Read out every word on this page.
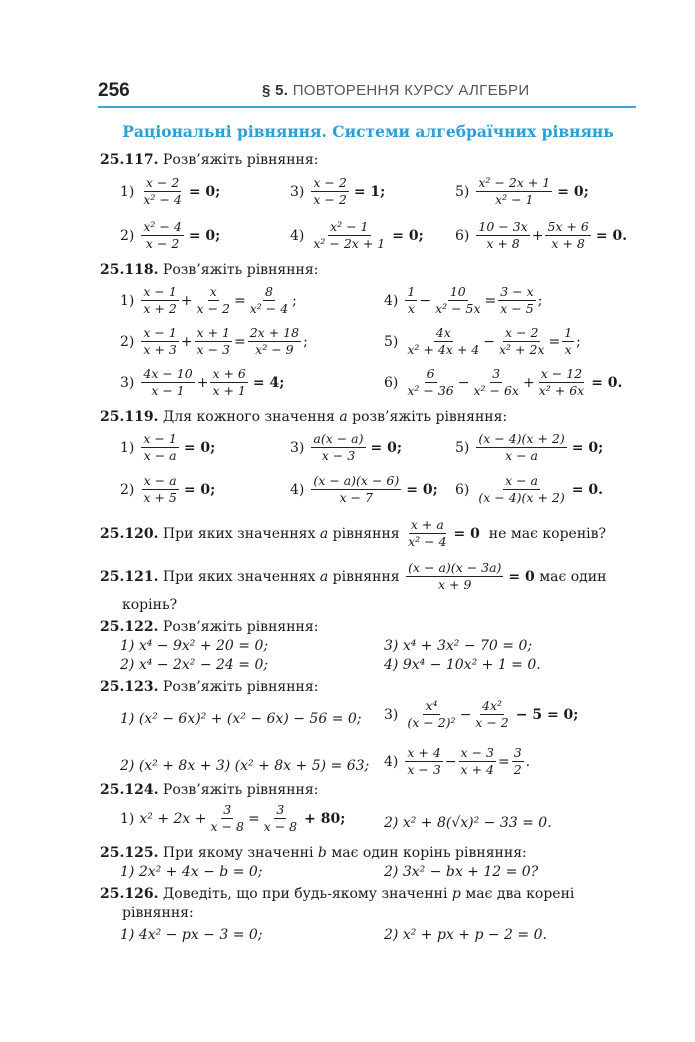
256	§ 5. ПОВТОРЕННЯ КУРСУ АЛГЕБРИ
Раціональні рівняння. Системи алгебраїчних рівнянь
25.117. Розв’яжіть рівняння:
$1) \frac{x - 2}{\text{x² − 4}} = 0$;	$3) \frac{x - 2}{x - 2} = 1$;	$5) \frac{\text{x² − 2x + 1}}{\text{x² − 1}} = 0$;
$2) \frac{\text{x² − 4}}{x - 2} = 0$;	$4) \frac{\text{x² − 1}}{\text{x² − 2x + 1}} = 0$; $6) \frac{10 - 3x}{x + 8} + \frac{5x + 6}{x + 8} = 0$.
25.118. Розв’яжіть рівняння:
$1) \frac{x - 1}{x + 2} + \frac{x}{x - 2} = \frac{8}{\text{x² − 4}}$ ;	$4) \frac{1}{x} - \frac{10}{\text{x² − 5x}} = \frac{3 - x}{x - 5}$ ;
$2) \frac{x - 1}{x + 3} + \frac{x + 1}{x - 3} = \frac{2x + 18}{\text{x² − 9}}$ ;	$5) \frac{4x}{\text{x² + 4x + 4}} - \frac{x - 2}{\text{x² + 2x}} = \frac{1}{x}$ ;
$3) \frac{4x - 10}{x - 1} + \frac{x + 6}{x + 1} = 4$;	$6) \frac{6}{\text{x² − 36}} - \frac{3}{\text{x² − 6x}} + \frac{x - 12}{\text{x² + 6x}} = 0$.
25.119. Для кожного значення a розв’яжіть рівняння:
$1) \frac{x - 1}{x - a} = 0$;	$3) \frac{a(x - a)}{x - 3} = 0$;	$5) \frac{(x - 4)(x + 2)}{x - a} = 0$;
$2) \frac{x - a}{x + 5} = 0$;	$4) \frac{(x - a)(x - 6)}{x - 7} = 0$; $6) \frac{x - a}{(x - 4)(x + 2)} = 0$.
25.120.
При яких значеннях
a
рівняння
$\frac{x + a}{\text{x² − 4}} = 0$
не має коренів?
25.121.
При яких значеннях
a
рівняння
$\frac{(x - a)(x - 3a)}{x + 9} = 0$
має один
корінь?
25.122. Розв’яжіть рівняння:
1) x⁴ − 9x² + 20 = 0;	3) x⁴ + 3x² − 70 = 0;
2) x⁴ − 2x² − 24 = 0;	4) 9x⁴ − 10x² + 1 = 0.
25.123. Розв’яжіть рівняння:
1) (x² − 6x)² + (x² − 6x) − 56 = 0; $3) \frac{\text{x⁴}}{\text{(x − 2)²}} - \frac{\text{4x²}}{x - 2} - 5 = 0$;
2) (x² + 8x + 3) (x² + 8x + 5) = 63; $4) \frac{x + 4}{x - 3} - \frac{x - 3}{x + 4} = \frac{3}{2}$ .
25.124. Розв’яжіть рівняння:
1) $x^2 + 2x + \frac{3}{x - 8} = \frac{3}{x - 8} + 80$;	2) x² + 8(√x)² − 33 = 0.
25.125. При якому значенні b має один корінь рівняння:
1) 2x² + 4x − b = 0;	2) 3x² − bx + 12 = 0?
25.126. Доведіть, що при будь-якому значенні p має два корені
рівняння:
1) 4x² − px − 3 = 0;	2) x² + px + p − 2 = 0.
